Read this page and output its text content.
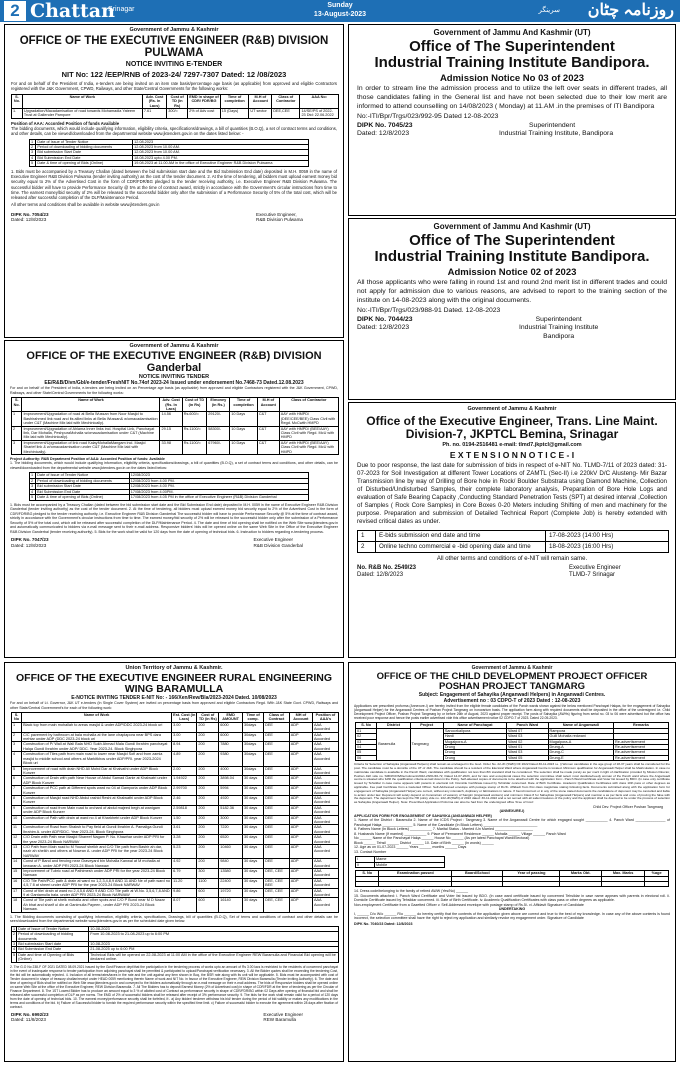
2 Chattan
Srinagar
Sunday
13-August-2023
سرینگر روزنامہ چٹان
Government of Jammu & Kashmir
OFFICE OF THE EXECUTIVE ENGINEER (R&B) DIVISION PULWAMA
NOTICE INVITING E-TENDER
NIT No: 122 /EEP/RNB of 2023-24/ 7297-7307 Dated: 12 /08/2023
For and on behalf of the President of India, e-tenders are being invited on an item rate basis/percentage age basis (as applicable) from approved and eligible Contractors registered with the J&K Government, CPWD, Railways, and other State/Central Governments for the following works:
S. No.	Name of Work	Adv. Cost (Rs. In Lacs)	Cost of TD (In Rs)	EMD in shape of CDR/ FDR/BG	Time of completion	M.H of Account	Class of Contractor	AAA No:
1.	Upgradation/Macadamisation of road towards Mohamadia Yateem Trust at Gallender Pampore	7.61	300/=	2% of Adv cost	15 (Days)	UT sector	DEE,CEE	14/SE/PS of 2022-23 Dtd: 22.06.2022
Position of AAA: Accorded Position of funds Available
The bidding documents, which would include qualifying information, eligibility criteria, specifications/drawings, a bill of quantities (B.O.Q), a set of contract terms and conditions, and other details, can be viewed/downloaded from the departmental website www.jktenders.gov.in on the dates listed below: -
1	Date of Issue of Tender Notice	12.08.2023
2	Period of downloading of bidding documents	12.08.2023 from 10.00 AM.
3	Bid submission Start Date	12.08.2023 from 10.00 AM.
4	Bid Submission End Date	18.08.2023 upto 4.00 PM.
5	Date & time of opening of Bids (Online)	19.08.2023 at 11.00 AM in the office of Executive Engineer R&B Division Pulwama
1. Bids must be accompanied by a Treasury Challan (dated between the bid submission start date and the Bid Submission End date) deposited in M.H. 0059 in the name of Executive Engineer R&B Division Pulwama (tender inviting authority) as the cost of the tender document. 2. At the time of tendering, all bidders must upload earnest money bid security equal to 2% of the Advertised Cost in the form of CDR/FDR/BG pledged to the tender receiving authority, i.e. Executive Engineer R&B Division Pulwama. The successful bidder will have to provide Performance Security @ 5% at the time of contract award, strictly in accordance with the Government's circular instructions from time to time. The earnest money/bid security of 2% will be released to the successful bidder only after the submission of a Performance Security of 5% of the total cost, which will be released after successful completion of the DLP/Maintenance Period.
All other terms and conditions shall be available in website www.jktenders.gov.in
DIPK No. 7054/23
Dated: 12/8/2023
Executive Engineer,
R&B Division Pulwama
Government of Jammu & Kashmir
OFFICE OF THE EXECUTIVE ENGINEER (R&B) DIVISION Ganderbal
NOTICE INVITING TENDER
EE/R&B/Divn/Gbl/e-tender/FreshNIT No.74of 2023-24 Issued under endorsement No.7468-73 Dated.12.08.2023
For and on behalf of the President of India, e-tenders are being invited on an Percentage age basis (as applicable) from approved and eligible Contractors registered with the J&K Government, CPWD, Railways, and other State/Central Governments for the following works:
S. No.	Name of Work	Adv. Cost (Rs. In Lacs)	Cost of TD (in Rs)	E/money (in Rs.)	Time of completion	M.H of Account	Class of Contractor
1	Improvement/Upgradation of road at Bella Wussan from Noor Masjid to Bashirahmed link road and its allied links at Bella Wussan& w/omacadamisation under C&T (Machine Mix laid with Mechinically).	14.56	Rs.600/=	29120/-	10 Days	C&T	AAY with HMPD/ (DEE/CEE/BEE) Class Civil with Regd. McCwith HMPD
2	Improvement/Upgradation of Ahlama Inner links incl. Hospital Link, Panchayat link, Dar Mohalla, PeshpuraMohalla w/omacadamisation under C&T (Machine Mix laid with Mechinically).	29.15	Rs.1100/=	58300/-	10 Days	C&T	AAY with HMPD/ (BEE/AAY) Class Civil with Regd. McU with HMPD
3	Improvement/Upgradation of link road KalayMohallaMangam incl. Masjid Sharief link & w/omacadamisation under C&T (Machine Mix laid with Mechinically).	33.98	Rs.1100/=	67960/-	10 Days	C&T	AAY with HMPD/ (BEE/AAY) Class Civil with Regd. McU with HMPD
Project Authority: R&B Department Position of AAA: Accorded Position of funds: Available
1. The bidding documents, which would include qualifying information, eligibility criteria, specifications/drawings, a bill of quantities (B.O.Q), a set of contract terms and conditions, and other details, can be viewed/downloaded from the departmental website www.jktenders.gov.in on the dates listed below:
1	Date of Issue of Tender Notice	12/08/2023
2	Period of downloading of bidding documents	12/08/2023 from 4.00 PM.
3	Bid submission Start Date	12/08/2023 from 4.00 PM.
4	Bid Submission End Date	17/08/2023 from 4.00PM.
5	Date & time of opening of Bids (Online)	17/08/2023 from 4.05 PM in the office of Executive Engineer (R&B) Division Ganderbal
1. Bids must be accompanied by a Treasury Challan (dated between the bid submission start date and the Bid Submission End date) deposited in M.H. 0059 in the name of Executive Engineer R&B Division Ganderbal (tender inviting authority) as the cost of the tender document. 2. At the time of tendering, all bidders must upload earnest money bid security equal to 2% of the Advertised Cost in the form of CDR/FDR/BG pledged to the tender receiving authority, i.e. Executive Engineer R&B Division Ganderbal The successful bidder will have to provide Performance Security @ 5% at the time of contract award, strictly in accordance with the Government's circular instructions from time to time. The earnest money/bid security of 2% will be released to the successful bidder only after the submission of a Performance Security of 5% of the total cost, which will be released after successful completion of the DLP/Maintenance Period. 4. The date and time of bid opening shall be notified on the Web Site www.jktenders.gov.in and automatically communicated to bidders via e-mail message sent to their e-mail address. Responsive bidders' bids will be opened online on the same Web Site in the Office of the Executive Engineer R&B Division Ganderbal (tender receiving authority). 5. Bids for the work shall be valid for 120 days from the date of opening of technical bids. 6. Instruction to bidders regarding e-tendering process.
DIPK No. 7047/23
Dated: 12/8/2023
Executive Engineer
R&B Division Ganderbal
Union Territory of Jammu & Kashmir.
OFFICE OF THE EXECUTIVE ENGINEER RURAL ENGINEERING WING BARAMULLA
E-NOTICE INVITING TENDER E-NIT No: - 166/Xen/Rew/Bla/2023-2024 Dated. 10/08/2023
For and on behalf of Lt. Governor, J&K UT e-tenders (In Single Cover System) are invited on percentage basis from approved and eligible Contractors Regd. With J&K State Govt. CPWD, Railways and other State/Central Government's for each of the following work:
S. No	Name of Work	Est. Cost (in Lacs)	Cost of TD (in Rs)	EMD AMOUNT	Time of comp.	Class of Contract	MH of Account	Position of AAA's
1	Black top from main mohallah to areas masjid & under ADP/DDC 2023-24 block uri	3.00	200	6000	30days	DEE	ADP	AAA Accorded
2	C/C pavement by bathroom at bala mohalla at the lane chaplapora near BPS dara mehtar under ADP (DDC 2023-24 block uri	3.00	200	6000	30days	DEE	ADP	AAA Accorded
3	Construction of P/ Wall at Wali Bala NHD Sukh Ahmad Mala Gundi Ibrahim panchayat Halqa Gundi Ibrahim under ADP/ DDC. Year 2023-24. Block Singhpora	8.94	200	7880	30days	DEE	ADP	AAA Accorded
4	Construction of Tiles path from main road to lower near Masjid Sofi and from zamia masjid to middle school and others at Markitkhos under ADP/PRI. year 2023-2024 Block uri	4.89	200	9380	30days	DEE	ADP	AAA Accorded
5	Improvement of road with drain NHD Ali Mohd Dar at Khalvathi under ADP Block Kunzer	2.00	200	4000	30days	DEE	ADP	AAA Accorded
6	Construction of Drain with path Near House of Abdul Samad Ganie at Khalwatri under ADP Block Kunzer	1.94922	200	3898.04	30 days	DEE	ADP	AAA Accorded
7	Construction of PCC path at Different spots ward no 04 at Gamporia under ADP Block Kunzer	2.99700	200	5994	30 days	DEE	ADP	AAA Accorded
8	Construction of Masjid road NHD Abdul rashid Reshi at Khalwathi under ADP Block Kunzer	2.46	200	4920	30 days	DEE	ADP	AAA Accorded
9	Construction of road from Main road to orchard of abdul majeed begh at wanigam under ADP Block Kunzer	2.59818	200	5182.36	30 days	DEE	ADP	AAA Accorded
10	Construction of Path with drain at ward no 4 at Kharkhetri under ADP Block Kunzer	1.50	200	3000	30 days	DEE	ADP	AAA Accorded
11	Construction of Road from Shaksh to Pay field at Gundi Ibrahim A. Pamaliga Gundi Ibrahim A. under ADP/DDC. Year 2023-24. Block Singhpora	3.61	200	7220	30 days	DEE	ADP	AAA Accorded
12	C/O Drain with Path near Masjid Shareef Nagam P. No. Khawhar under ADP PRI for the year 2023-24 Block NARWAV	3.28	200	6520	30 days	DEE	ADP	AAA Accorded
13	C/O Path from Main road to M Yousuf sheikh and C/O Tile path from Bashir ah dar, nazir ah sheikh and others at Nowran A. under ADP PRI for the year 2023-24 Block NARWAV	5.23	200	10460	30 days	DEE	ADP	AAA Accorded
14	Const of P Band and fencing near Graveyard bin Mohalla Kanwal at M mohalla at kewaran A. under ADP PRI 2023-24 Block Narwaw	4.92	200	9840	30 days	DEE	ADP	AAA Accorded
15	Improvement of Tubric road at Pathimesh under ADP PRI for the year 2023-24 Block Narwaw	6.79	300	13580	30 days	DEE, CEE	ADP	AAA Accorded
16	C/O Tile Path/PCC path & drain at ward no 1,2,3,4,8,9 AND 11 AND Ne of path ward no 4,5,7 8 at sheeri under ADP PRI for the year 2023-24 Block NARWAV	11.20	1100	22400	30 days	DEE, CEE BEE	ADP	AAA Accorded
17	Const of tile/ drain at ward no 2,4,5,6 AND 9 AND C/O Tile path at W.No. 3,5,6,7,8 AND 9 at Gantamulla bala. under ADP PRI 2023-24 Block NARWAW	9.86	600	19720	30 days	DEE, CEE	ADP	AAA Accorded
18	Const of Tile path at shelk mohalla and other spots and C/O P Bund near M D Nazar Ah bhat and sharif ul din at Ganimulla Payeen , under ADP PRI 2023-24 Block Narwaw.	8.07	600	16140	30 days	DEE, CEE	ADP	AAA Accorded
1. The Bidding documents consisting of qualifying information, eligibility criteria, specifications, Drawings, bill of quantities (B.O.Q), Set of terms and conditions of contract and other details can be seen/downloaded from the departmental website www.jktenders.gov.in as per the scheduled date given below.
1	Date of Issue of Tender Notice	10-08-2023
2	Period of downloading of bidding documents	From 10-08-2023 to 21-08-2023 up to 6:00 PM
3	Bid submission Start date	10-08-2023
4	Bid Submission End Date	21-08-2025 up to 6:00 PM
5	Date and time of Opening of Bids (Online)	Technical Bids will be opened on 22-08-2023 at 11:00 AM in the office of the Executive Engineer REW Baramulla and Financial Bid opening will be declared online.
2. The G.O No 238-F OF 2021 DATED 08.09.2021 Issued by the Govt/Finance dept/that the participation in the tendering process of works upto an amount of Rs 3.00 lacs is restricted to the residents of concerned panchayat in the event of inadequate response to tender participation from adjoining panchayat shall be permitted & participated to upload/Panchayat verification necessary. 3. All the Bidder quotes shall be exceeding the tendering Cost, the bid will be automatically rejected. 4. Inclusion of all terms/rates/taxes in the rate and the unit against any item shown in Boq, the BSR rate along with its unit will be applicable. 5. Bids must be accompanied with cost of Tender document in shape of treasury challan/receipt under HEAD 0059 mentioning therein Name of work and NIT No. in favour of the Executive Engineer, REW Division Baramulla (Tender inviting Authority). 6. The date and time of opening of Bids shall be notified on Web Site www.jktenders.gov.in and conveyed to the bidders automatically through an e-mail message on their e-mail address. The bids of Responsive bidders shall be opened online on same Web Site at the office of the Executive Engineer, REW Division Baramulla. 7. All The Bidders has to deposit Earnest Money (2% of Advertised cost) in shape of CDR/FDR at the time of tendering as per the Circular of Finance Department. 8. The 1ST Lowest Bidder has to produce an amount equal to 3 % of allotted cost of Contract as performance security in shape of CDR/FDR/BG within 02 Days after opening of financial bid and shall be released after successful completion of DLP as per norms. The EMD of 2% of successful bidders shall be released after receipt of 3% performance security. 9. The bids for the work shall remain valid for a period of 120 days from the date of opening of technical bids. 10. The earnest money/performance security shall be forfeited, if:- a) Any bidder/ tenderer withdraw his bid/ tender during the period of bid validity or makes any modifications in the terms and conditions of the bid. b) Failure of Successful bidder to furnish the required performance security within the specified time limit. c) Failure of successful bidder to execute the agreement within 28 days after fixation of contract.
DIPK No. 6992/23
Dated: 11/8/2023
Executive Engineer
REW Baramulla
Government of Jammu And Kashmir (UT)
Office of The Superintendent
Industrial Training Institute Bandipora.
Admission Notice No 03 of 2023
In order to stream line the admission process and to utilize the left over seats in different trades, all those candidates falling in the General list and have not been selected due to their low merit are informed to attend counselling on 14/08/2023 ( Monday) at 11.AM .in the premises of ITI Bandipora
No:-ITI/Bpr/Trgs/023/992-95 Dated 12-08-2023
DIPK No. 7045/23
Dated: 12/8/2023
Superintendent
Industrial Training Institute, Bandipora
Government of Jammu And Kashmir (UT)
Office of The Superintendent
Industrial Training Institute Bandipora.
Admission Notice 02 of 2023
All those applicants who were falling in round 1st and round 2nd merit list in different trades and could not apply for admission due to various reasons, are advised to report to the training section of the institute on 14-08-2023 along with the original documents.
No:-ITI/Bpr/Trgs/023/988-91 Dated. 12-08-2023
DIPK No. 7044/23
Dated: 12/8/2023
Superintendent
Industrial Training Institute
Bandipora
Government of Jammu & Kashmir
Office of the Executive Engineer, Trans. Line Maint. Division-7, JKPTCL Bemina, Srinagar
Ph. no. 0194-2516481 e-mail: tlmd7.jkptcl@gmail.com
E X T E N S I O N N O T I C E - I
Due to poor response, the last date for submission of bids in respect of e-NIT No. TLMD-7/11 of 2023 dated: 31-07-2023 for Soil Investigation at different Tower Locations of ZAMTL (Sec-II) i.e 220kV D/C Alusteng- Mir Bazar Transmission line by way of Drilling of Bore hole in Rock/ Boulder Substrata using Diamond Machine, Collection of Disturbed/Undisturbed Samples, their complete laboratory analysis, Preparation of Bore Hole Logs and evaluation of Safe Bearing Capacity ,Conducting Standard Penetration Tests (SPT) at desired interval ,Collection of Samples ( Rock Core Samples) in Core Boxes 0-20 Meters including Shifting of men and machinery for the purpose. Preparation and submission of Detailed Technical Report (Complete Job) is hereby extended with revised critical dates as under.
1	E-bids submission end date and time	17-08-2023 (14:00 Hrs)
2	Online techno commercial e -bid opening date and time	18-08-2023 (16:00 Hrs)
All other terms and conditions of e-NIT will remain same.
No. R&B No. 2549/23
Dated: 12/8/2023
Executive Engineer
TLMD-7 Srinagar
Government of Jammu & Kashmir
OFFICE OF THE CHILD DEVELOPMENT PROJECT OFFICER
POSHAN PROJECT TANGMARG
Subject: Engagement of Sahayika (Anganwadi Helpers) in Anganwadi Centres.
Advertisement no : 03 CDPO-T of 2023 Dated : 12-08-2023
Applications are prescribed proforma (Annexure-I) are hereby invited from the eligible female candidates of the Panch wards shown against the below mentioned Panchayat Halqas, for the engagement of Sahayika (Anganwadi Helper) for the Anganwadi Centres of Poshan Project Tangmarg on honorarium basis. The application form along with required documents shall be deposited in the office of the undersigned i.e. Child Development Project Officer, Poshan Project Tangmarg by or before 26th of August, 2023 against proper receipt. The posts of Sahayika (AWHs) figuring from serial no. 03 to 06 were advertised but the office has received poor response and hence the posts earlier advertised vide this office advertisement notice 02 CDPO-T of 2023. Dated 22-05-2023.
S. No	District	Project	Name of Panchayat	Panch Ward	Name of Anganwadi	Remarks
01	Baramulla	Tangmarg	Sanoorkalipora	Ward 07	Rampora	
02			Hardi	Ward 03	Gulli Mohalla redwani	
03			Mugalpora-A	Ward 02	Mugalpora-A	Re-advertisement
04			Drung	Ward 01	Drung-A	Re-advertisement
05			Drung	Ward 03	Drung-C	Re-advertisement
06			Drung	Ward 05	Drung-E	Re-advertisement
Criteria for Selection of Sahayika (Anganwadi Helpers) shall remain as envisaged in the Govt. Order No. 22-JK (SWD) OF 2022 Dated 30-11-2023 i.e. i) Women candidates in the age group of 18-37 years shall be considered for the post. The candidate must be a domicile of the UT of J&K. The candidate should be a resident of the Electoral Ward where Anganwadi Centre is located. Minimum qualification for Anganwadi Helper shall be Matriculation. In case no matriculate candidate is available in the Panch Ward, candidates with qualification not less than 8th standard shall be considered. The selection shall be made purely as per merit in light of clarification provided by Mission Director, Poshan J&K vide no. SMD/ICDS/Recruitment/2022-23/01/46-72, Dated 14-07-2023, and for rare and exceptional cases the selection committee shall select most destitute/needy woman of the Panch ward where the Anganwadi centre is situated who fulfill the qualification criteria as laid down in the Policy. Self-attested copies of documents to be attached with the application form:- Panch Ward Certificate and Voter list issued by BDO. (In case only certificate issued by Tehsildar in case name appears with parents in electoral roll. Domicile Certificate issued by Tehsildar concerned. Date of Birth Certificate. Academic Qualification Certificates with class 10th pass or other degrees as applicable. Fee paid Certificate from a Gazetted Officer. Self-Addressed envelope with postage stamp of Rs.5/- Affidavit from first class magistrate stating following facts. Documents submitted along with the application form for engagement of Sahayika (Anganwadi Helper) are correct, without any mismatch, duplicacy or fabrications in nature. If found incorrect or in any of the stone stated documents the candidature of deponent may be cancelled and liable to action under law. Deponent will solely depend on honorarium of vacancy of Sangini (Anganwadi workers) and minimum Class 8 for Sahayikas (Anganwadi Helpers) and mention a as per facts and once of proving the false with the deponent. The department has kept the HR policy vide no. 222-JK(SWD) of 2022 dated: 30-11-2022 and a not served with all salient features of the policy and the applicant shall be deemed to be under the process of selection as Sahayika (Anganwadi Helper). Note: Prescribed Application Proforma can also be had from the undersigned office 'Free of Cost'.
Child Dev. Project Officer Poshan Tangmarg
(ANNEXURE-I)
APPLICATION FORM FOR ENGAGEMENT OF SAHAYIKA (ANGANWADI HELPER)
1. Name of the District : Baramulla 2. Name of the ICDS Project : Tangmarg 3. Name of the Anganwadi Centre for which engaged sought ___________ 4. Panch Ward _______________ of Panchayat Halqa _______________ 5. Name of the Candidate (In Block Letters) ___________________________
6. Fathers Name (In Block Letters) ___________ 7. Marital Status - Married /Un Married ___________________
8. Husbands Name (If married) ___________ 9. Place of Permanent Residence ______ Mohalla ______ Village ______ Panch Ward
No ______ Name of the Panchayat Halqa ______ House No ______ (As per latest Panchayat Ward/Electoral)
Block ______ Tehsil ______ District ______ 10. Date of Birth ______ (In words) ______
12. Age as on 01-07-2023 ______ Years ______ months ______ Days
13. Contact Number
i	Mame
ii	Mobile
S. No	Examination passed	Board/School	Year of passing	Marks Obt.	Max. Marks	%age

14. Dress code/belonging to the family of retired AWW (Yes/No) ______
15. Documents attached: i. Panch Ward Certificate and Voter list issued by BDO. (In case ward certificate issued by concerned Tehsildar in case name appears with parents in electoral roll. ii. Domicile Certificate issued by Tehsildar concerned. iii. Date of Birth Certificate. iv. Academic Qualification Certificates with class pass or other degrees as applicable.
Non-employment Certificate from a Gazetted Officer v. Self-Addressed envelope with postage stamp of Rs.5/- vi. Affidavit Signature of Candidate
UNDERTAKING
I, ______ D/o W/o ______ R/o ______ do hereby certify that the contents of the application given above are correct and true to the best of my knowledge. In case any of the above contents is found incorrect, the selection committee shall have the right to reject my application and similarly revoke my engagement order. Signature of Candidate
DIPK No. 7040/23 Dated: 12/8/2023
